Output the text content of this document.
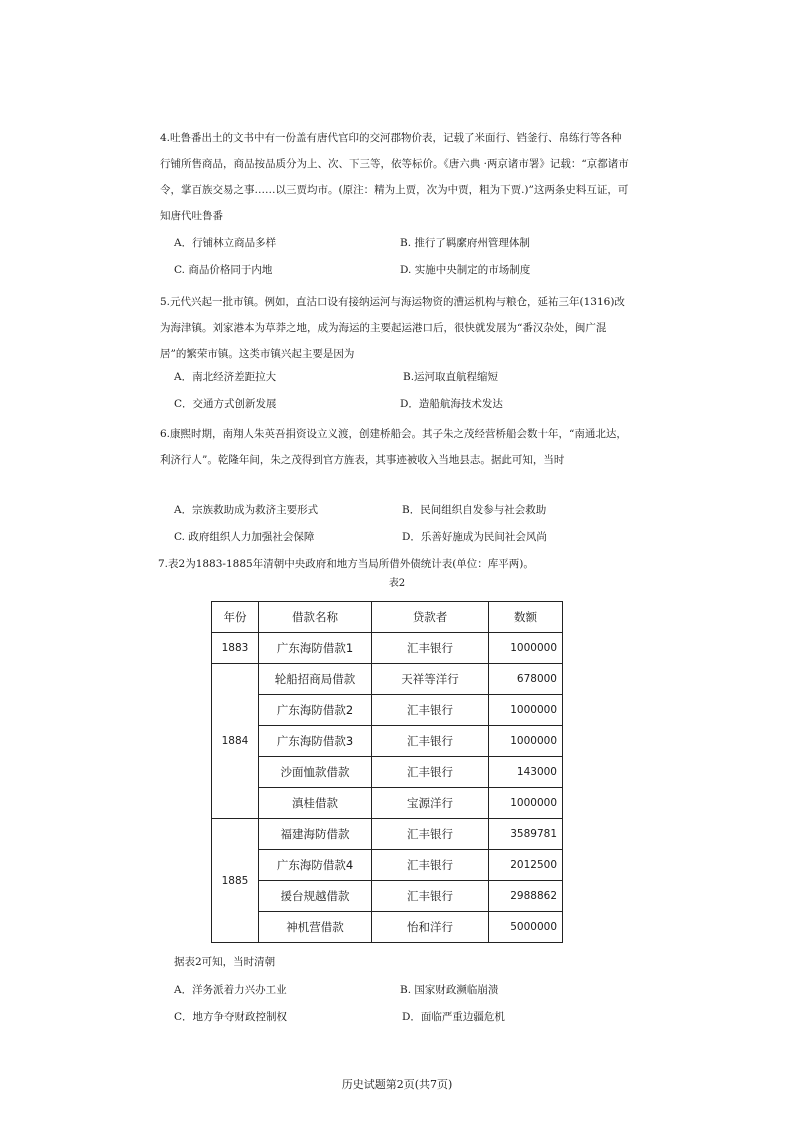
4.吐鲁番出土的文书中有一份盖有唐代官印的交河郡物价表，记载了米面行、铛釜行、帛练行等各种行铺所售商品，商品按品质分为上、次、下三等，依等标价。《唐六典 ·两京诸市署》记载：“京都诸市令，掌百族交易之事……以三贾均市。(原注：精为上贾，次为中贾，粗为下贾.)”这两条史料互证，可知唐代吐鲁番

A．行铺林立商品多样	B. 推行了羁縻府州管理体制
C. 商品价格同于内地	D. 实施中央制定的市场制度

5.元代兴起一批市镇。例如，直沽口设有接纳运河与海运物资的漕运机构与粮仓，延祐三年(1316)改为海津镇。刘家港本为草莽之地，成为海运的主要起运港口后，很快就发展为“番汉杂处，闽广混居”的繁荣市镇。这类市镇兴起主要是因为

A．南北经济差距拉大	B.运河取直航程缩短
C．交通方式创新发展	D．造船航海技术发达

6.康熙时期，南翔人朱英吾捐资设立义渡，创建桥船会。其子朱之茂经营桥船会数十年，“南通北达，利济行人”。乾隆年间，朱之茂得到官方旌表，其事迹被收入当地县志。据此可知，当时

A．宗族救助成为救济主要形式	B．民间组织自发参与社会救助
C. 政府组织人力加强社会保障	D．乐善好施成为民间社会风尚
7.表2为1883-1885年清朝中央政府和地方当局所借外债统计表(单位：库平两)。
表2
年份	借款名称	贷款者	数额
1883	广东海防借款1	汇丰银行	1000000
1884	轮船招商局借款	天祥等洋行	678000
	广东海防借款2	汇丰银行	1000000
	广东海防借款3	汇丰银行	1000000
	沙面恤款借款	汇丰银行	143000
	滇桂借款	宝源洋行	1000000
1885	福建海防借款	汇丰银行	3589781
	广东海防借款4	汇丰银行	2012500
	援台规越借款	汇丰银行	2988862
	神机营借款	怡和洋行	5000000
据表2可知，当时清朝
A．洋务派着力兴办工业	B. 国家财政濒临崩溃
C．地方争夺财政控制权	D．面临严重边疆危机
历史试题第2页(共7页)
